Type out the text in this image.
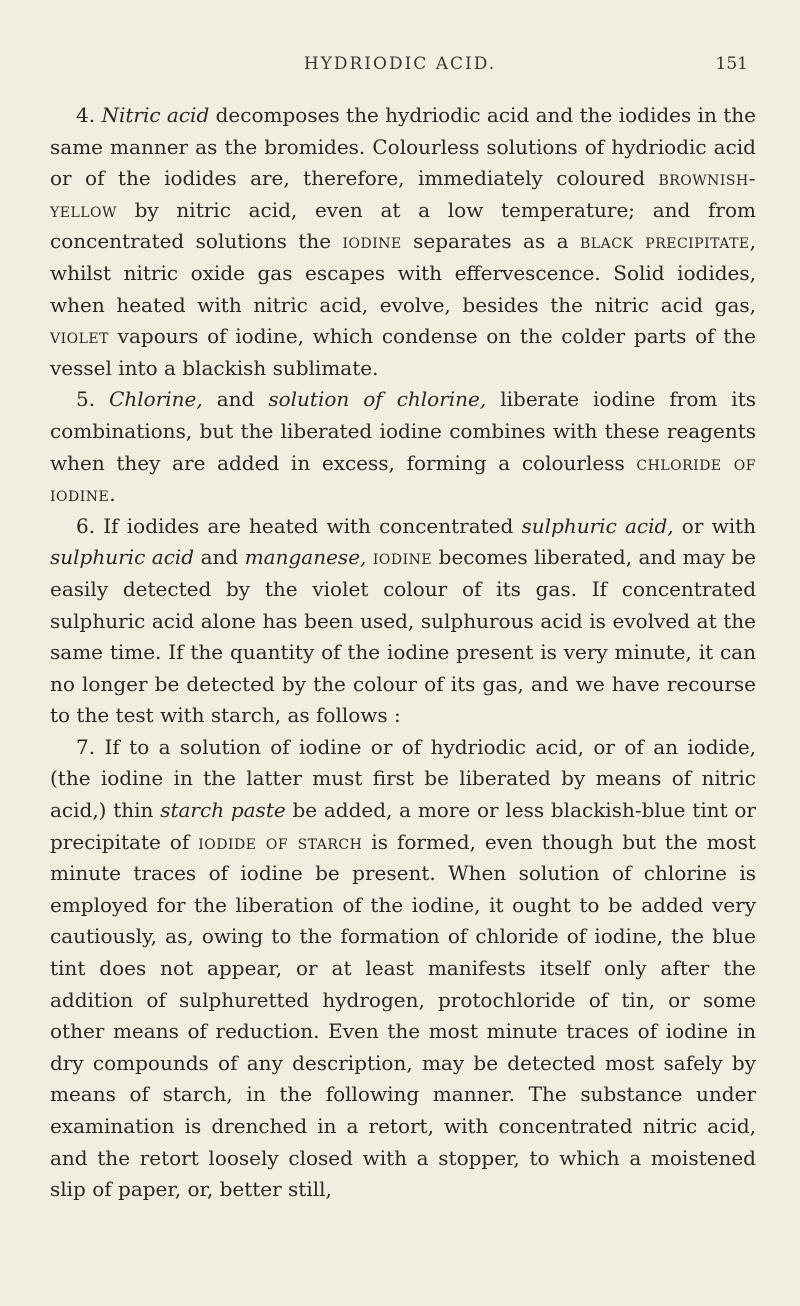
HYDRIODIC ACID.	151

4. Nitric acid decomposes the hydriodic acid and the iodides in the same manner as the bromides. Colourless solutions of hydriodic acid or of the iodides are, therefore, immediately coloured brownish-yellow by nitric acid, even at a low temperature; and from concentrated solutions the iodine separates as a black precipitate, whilst nitric oxide gas escapes with effervescence. Solid iodides, when heated with nitric acid, evolve, besides the nitric acid gas, violet vapours of iodine, which condense on the colder parts of the vessel into a blackish sublimate.

5. Chlorine, and solution of chlorine, liberate iodine from its combinations, but the liberated iodine combines with these reagents when they are added in excess, forming a colourless chloride of iodine.

6. If iodides are heated with concentrated sulphuric acid, or with sulphuric acid and manganese, iodine becomes liberated, and may be easily detected by the violet colour of its gas. If concentrated sulphuric acid alone has been used, sulphurous acid is evolved at the same time. If the quantity of the iodine present is very minute, it can no longer be detected by the colour of its gas, and we have recourse to the test with starch, as follows :

7. If to a solution of iodine or of hydriodic acid, or of an iodide, (the iodine in the latter must first be liberated by means of nitric acid,) thin starch paste be added, a more or less blackish-blue tint or precipitate of iodide of starch is formed, even though but the most minute traces of iodine be present. When solution of chlorine is employed for the liberation of the iodine, it ought to be added very cautiously, as, owing to the formation of chloride of iodine, the blue tint does not appear, or at least manifests itself only after the addition of sulphuretted hydrogen, protochloride of tin, or some other means of reduction. Even the most minute traces of iodine in dry compounds of any description, may be detected most safely by means of starch, in the following manner. The substance under examination is drenched in a retort, with concentrated nitric acid, and the retort loosely closed with a stopper, to which a moistened slip of paper, or, better still,
